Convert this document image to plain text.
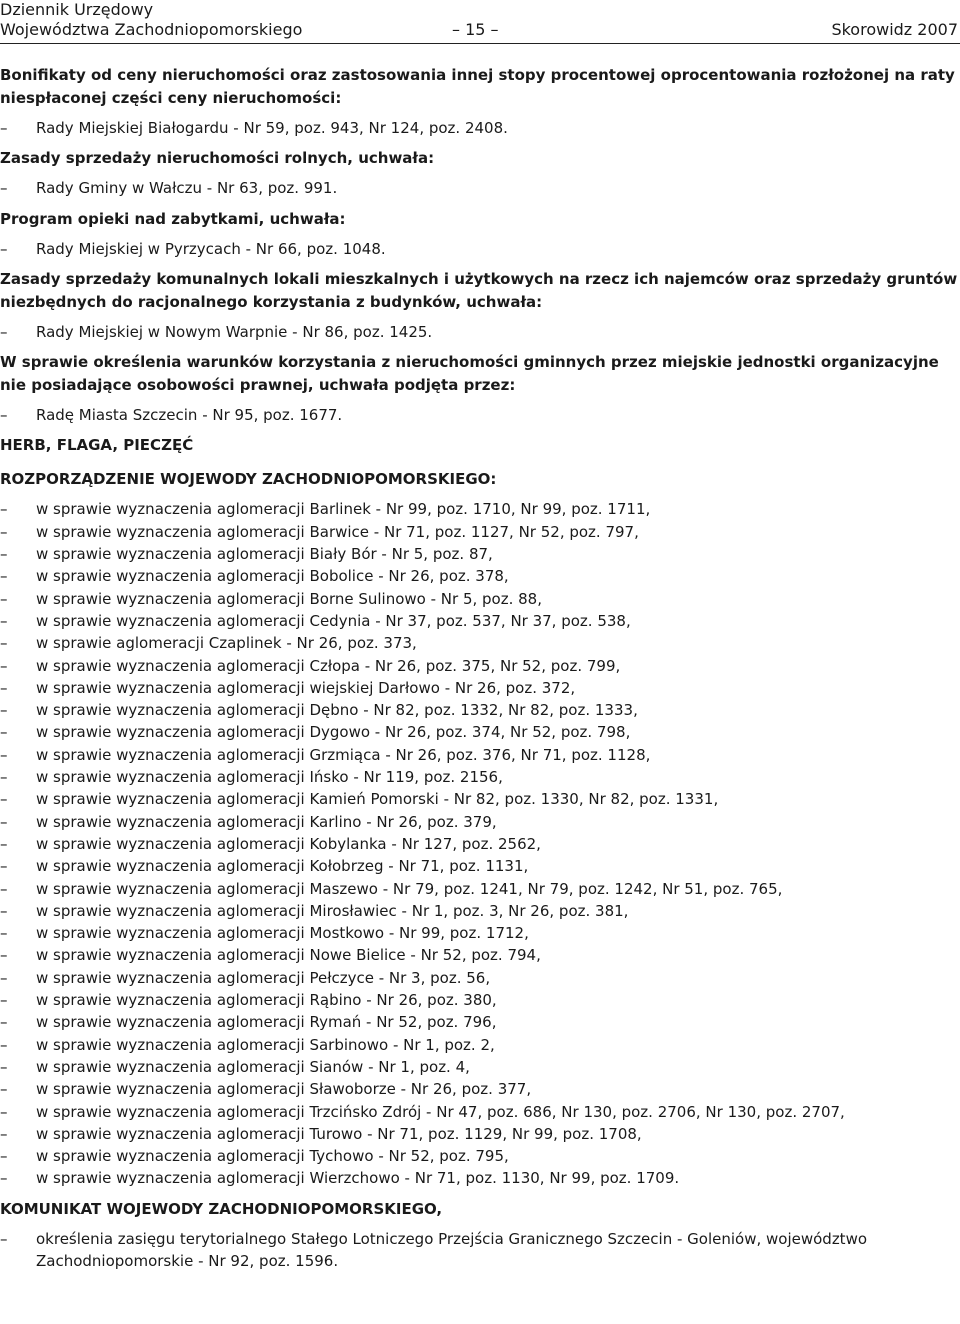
Dziennik Urzędowy
Województwa Zachodniopomorskiego	– 15 –	Skorowidz 2007
Bonifikaty od ceny nieruchomości oraz zastosowania innej stopy procentowej oprocentowania rozłożonej na raty niespłaconej części ceny nieruchomości:
–	Rady Miejskiej Białogardu - Nr 59, poz. 943, Nr 124, poz. 2408.
Zasady sprzedaży nieruchomości rolnych, uchwała:
–	Rady Gminy w Wałczu - Nr 63, poz. 991.
Program opieki nad zabytkami, uchwała:
–	Rady Miejskiej w Pyrzycach - Nr 66, poz. 1048.
Zasady sprzedaży komunalnych lokali mieszkalnych i użytkowych na rzecz ich najemców oraz sprzedaży gruntów niezbędnych do racjonalnego korzystania z budynków, uchwała:
–	Rady Miejskiej w Nowym Warpnie - Nr 86, poz. 1425.
W sprawie określenia warunków korzystania z nieruchomości gminnych przez miejskie jednostki organizacyjne nie posiadające osobowości prawnej, uchwała podjęta przez:
–	Radę Miasta Szczecin - Nr 95, poz. 1677.
HERB, FLAGA, PIECZĘĆ
ROZPORZĄDZENIE WOJEWODY ZACHODNIOPOMORSKIEGO:
–	w sprawie wyznaczenia aglomeracji Barlinek - Nr 99, poz. 1710, Nr 99, poz. 1711,
–	w sprawie wyznaczenia aglomeracji Barwice - Nr 71, poz. 1127, Nr 52, poz. 797,
–	w sprawie wyznaczenia aglomeracji Biały Bór - Nr 5, poz. 87,
–	w sprawie wyznaczenia aglomeracji Bobolice - Nr 26, poz. 378,
–	w sprawie wyznaczenia aglomeracji Borne Sulinowo - Nr 5, poz. 88,
–	w sprawie wyznaczenia aglomeracji Cedynia - Nr 37, poz. 537, Nr 37, poz. 538,
–	w sprawie aglomeracji Czaplinek - Nr 26, poz. 373,
–	w sprawie wyznaczenia aglomeracji Człopa - Nr 26, poz. 375, Nr 52, poz. 799,
–	w sprawie wyznaczenia aglomeracji wiejskiej Darłowo - Nr 26, poz. 372,
–	w sprawie wyznaczenia aglomeracji Dębno - Nr 82, poz. 1332, Nr 82, poz. 1333,
–	w sprawie wyznaczenia aglomeracji Dygowo - Nr 26, poz. 374, Nr 52, poz. 798,
–	w sprawie wyznaczenia aglomeracji Grzmiąca - Nr 26, poz. 376, Nr 71, poz. 1128,
–	w sprawie wyznaczenia aglomeracji Ińsko - Nr 119, poz. 2156,
–	w sprawie wyznaczenia aglomeracji Kamień Pomorski - Nr 82, poz. 1330, Nr 82, poz. 1331,
–	w sprawie wyznaczenia aglomeracji Karlino - Nr 26, poz. 379,
–	w sprawie wyznaczenia aglomeracji Kobylanka - Nr 127, poz. 2562,
–	w sprawie wyznaczenia aglomeracji Kołobrzeg - Nr 71, poz. 1131,
–	w sprawie wyznaczenia aglomeracji Maszewo - Nr 79, poz. 1241, Nr 79, poz. 1242, Nr 51, poz. 765,
–	w sprawie wyznaczenia aglomeracji Mirosławiec - Nr 1, poz. 3, Nr 26, poz. 381,
–	w sprawie wyznaczenia aglomeracji Mostkowo - Nr 99, poz. 1712,
–	w sprawie wyznaczenia aglomeracji Nowe Bielice - Nr 52, poz. 794,
–	w sprawie wyznaczenia aglomeracji Pełczyce - Nr 3, poz. 56,
–	w sprawie wyznaczenia aglomeracji Rąbino - Nr 26, poz. 380,
–	w sprawie wyznaczenia aglomeracji Rymań - Nr 52, poz. 796,
–	w sprawie wyznaczenia aglomeracji Sarbinowo - Nr 1, poz. 2,
–	w sprawie wyznaczenia aglomeracji Sianów - Nr 1, poz. 4,
–	w sprawie wyznaczenia aglomeracji Sławoborze - Nr 26, poz. 377,
–	w sprawie wyznaczenia aglomeracji Trzcińsko Zdrój - Nr 47, poz. 686, Nr 130, poz. 2706, Nr 130, poz. 2707,
–	w sprawie wyznaczenia aglomeracji Turowo - Nr 71, poz. 1129, Nr 99, poz. 1708,
–	w sprawie wyznaczenia aglomeracji Tychowo - Nr 52, poz. 795,
–	w sprawie wyznaczenia aglomeracji Wierzchowo - Nr 71, poz. 1130, Nr 99, poz. 1709.
KOMUNIKAT WOJEWODY ZACHODNIOPOMORSKIEGO,
–	określenia zasięgu terytorialnego Stałego Lotniczego Przejścia Granicznego Szczecin - Goleniów, województwo Zachodniopomorskie - Nr 92, poz. 1596.
